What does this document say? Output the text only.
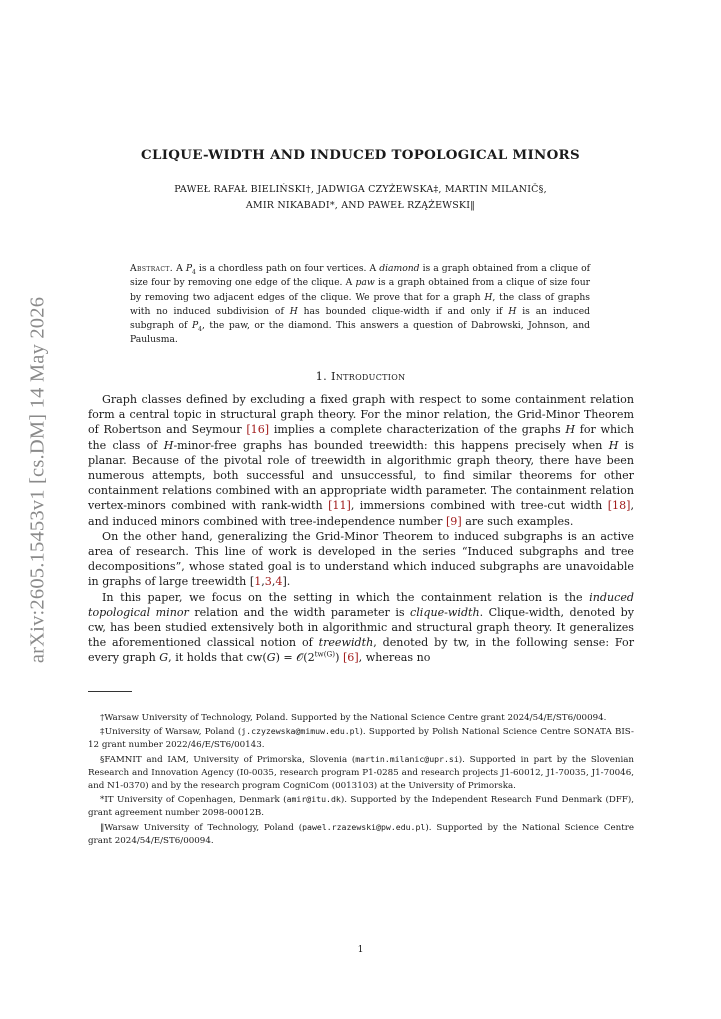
arXiv:2605.15453v1 [cs.DM] 14 May 2026
CLIQUE-WIDTH AND INDUCED TOPOLOGICAL MINORS
PAWEŁ RAFAŁ BIELIŃSKI†, JADWIGA CZYŻEWSKA‡, MARTIN MILANIČ§,
AMIR NIKABADI*, AND PAWEŁ RZĄŻEWSKI‖
Abstract. A $P_4$ is a chordless path on four vertices. A diamond is a graph obtained from a clique of size four by removing one edge of the clique. A paw is a graph obtained from a clique of size four by removing two adjacent edges of the clique. We prove that for a graph H, the class of graphs with no induced subdivision of H has bounded clique-width if and only if H is an induced subgraph of $P_4$, the paw, or the diamond. This answers a question of Dabrowski, Johnson, and Paulusma.
1. Introduction

Graph classes defined by excluding a fixed graph with respect to some containment relation form a central topic in structural graph theory. For the minor relation, the Grid-Minor Theorem of Robertson and Seymour [16] implies a complete characterization of the graphs H for which the class of H-minor-free graphs has bounded treewidth: this happens precisely when H is planar. Because of the pivotal role of treewidth in algorithmic graph theory, there have been numerous attempts, both successful and unsuccessful, to find similar theorems for other containment relations combined with an appropriate width parameter. The containment relation vertex-minors combined with rank-width [11], immersions combined with tree-cut width [18], and induced minors combined with tree-independence number [9] are such examples.

On the other hand, generalizing the Grid-Minor Theorem to induced subgraphs is an active area of research. This line of work is developed in the series “Induced subgraphs and tree decompositions”, whose stated goal is to understand which induced subgraphs are unavoidable in graphs of large treewidth [1,3,4].

In this paper, we focus on the setting in which the containment relation is the induced topological minor relation and the width parameter is clique-width. Clique-width, denoted by cw, has been studied extensively both in algorithmic and structural graph theory. It generalizes the aforementioned classical notion of treewidth, denoted by tw, in the following sense: For every graph G, it holds that $cw(G) = 𝒪(2^{tw(G)})$ [6], whereas no

†Warsaw University of Technology, Poland. Supported by the National Science Centre grant 2024/54/E/ST6/00094.

‡University of Warsaw, Poland (j.czyzewska@mimuw.edu.pl). Supported by Polish National Science Centre SONATA BIS-12 grant number 2022/46/E/ST6/00143.

§FAMNIT and IAM, University of Primorska, Slovenia (martin.milanic@upr.si). Supported in part by the Slovenian Research and Innovation Agency (I0-0035, research program P1-0285 and research projects J1-60012, J1-70035, J1-70046, and N1-0370) and by the research program CogniCom (0013103) at the University of Primorska.

*IT University of Copenhagen, Denmark (amir@itu.dk). Supported by the Independent Research Fund Denmark (DFF), grant agreement number 2098-00012B.

‖Warsaw University of Technology, Poland (pawel.rzazewski@pw.edu.pl). Supported by the National Science Centre grant 2024/54/E/ST6/00094.

1
